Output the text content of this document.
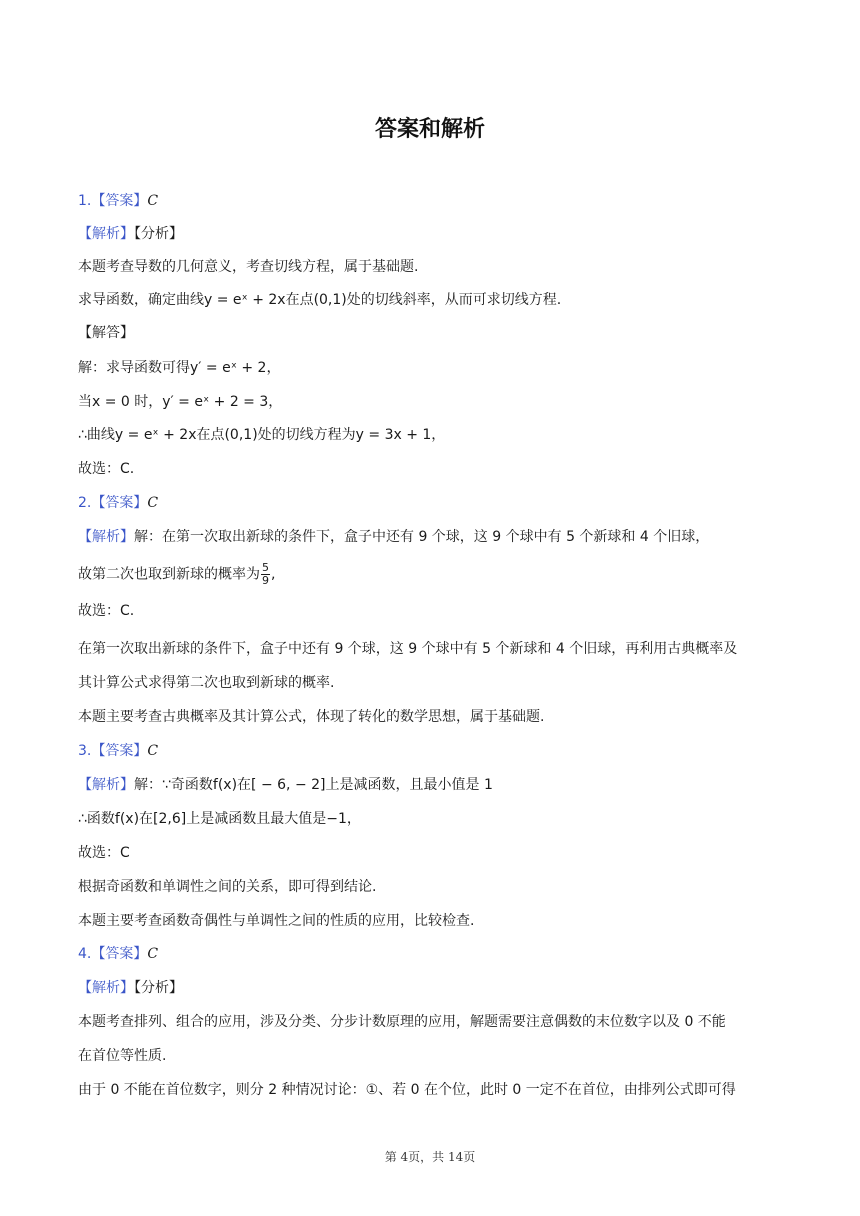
答案和解析
1.【答案】C
【解析】【分析】
本题考查导数的几何意义，考查切线方程，属于基础题.
求导函数，确定曲线y = eˣ + 2x在点(0,1)处的切线斜率，从而可求切线方程.
【解答】
解：求导函数可得y′ = eˣ + 2，
当x = 0 时，y′ = eˣ + 2 = 3，
∴曲线y = eˣ + 2x在点(0,1)处的切线方程为y = 3x + 1，
故选：C.
2.【答案】C
【解析】解：在第一次取出新球的条件下，盒子中还有 9 个球，这 9 个球中有 5 个新球和 4 个旧球，
故第二次也取到新球的概率为 $\frac{5}{9}$ ,
故选：C.
在第一次取出新球的条件下，盒子中还有 9 个球，这 9 个球中有 5 个新球和 4 个旧球，再利用古典概率及
其计算公式求得第二次也取到新球的概率.
本题主要考查古典概率及其计算公式，体现了转化的数学思想，属于基础题.
3.【答案】C
【解析】解：∵奇函数f(x)在[ − 6, − 2]上是减函数，且最小值是 1
∴函数f(x)在[2,6]上是减函数且最大值是−1，
故选：C
根据奇函数和单调性之间的关系，即可得到结论.
本题主要考查函数奇偶性与单调性之间的性质的应用，比较检查.
4.【答案】C
【解析】【分析】
本题考查排列、组合的应用，涉及分类、分步计数原理的应用，解题需要注意偶数的末位数字以及 0 不能
在首位等性质.
由于 0 不能在首位数字，则分 2 种情况讨论：①、若 0 在个位，此时 0 一定不在首位，由排列公式即可得
第 4页，共 14页
